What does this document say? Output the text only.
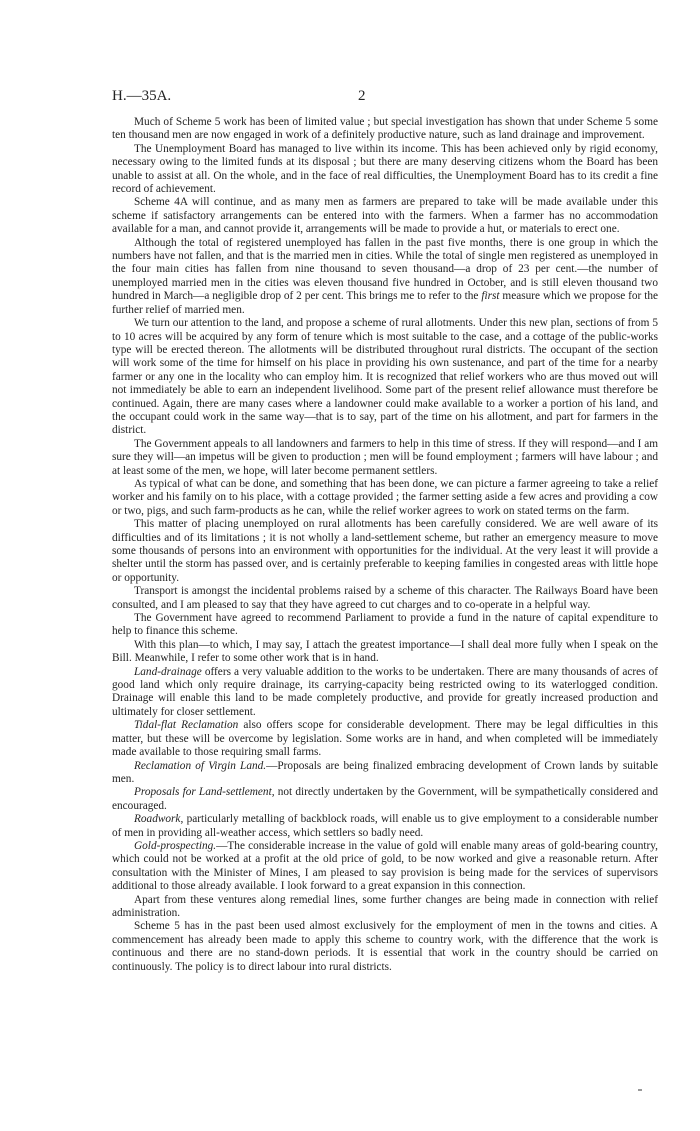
H.—35A.	2

Much of Scheme 5 work has been of limited value ; but special investigation has shown that under Scheme 5 some ten thousand men are now engaged in work of a definitely productive nature, such as land drainage and improvement.

The Unemployment Board has managed to live within its income. This has been achieved only by rigid economy, necessary owing to the limited funds at its disposal ; but there are many deserving citizens whom the Board has been unable to assist at all. On the whole, and in the face of real difficulties, the Unemployment Board has to its credit a fine record of achievement.

Scheme 4A will continue, and as many men as farmers are prepared to take will be made available under this scheme if satisfactory arrangements can be entered into with the farmers. When a farmer has no accommodation available for a man, and cannot provide it, arrangements will be made to provide a hut, or materials to erect one.

Although the total of registered unemployed has fallen in the past five months, there is one group in which the numbers have not fallen, and that is the married men in cities. While the total of single men registered as unemployed in the four main cities has fallen from nine thousand to seven thousand—a drop of 23 per cent.—the number of unemployed married men in the cities was eleven thousand five hundred in October, and is still eleven thousand two hundred in March—a negligible drop of 2 per cent. This brings me to refer to the first measure which we propose for the further relief of married men.

We turn our attention to the land, and propose a scheme of rural allotments. Under this new plan, sections of from 5 to 10 acres will be acquired by any form of tenure which is most suitable to the case, and a cottage of the public-works type will be erected thereon. The allotments will be distributed throughout rural districts. The occupant of the section will work some of the time for himself on his place in providing his own sustenance, and part of the time for a nearby farmer or any one in the locality who can employ him. It is recognized that relief workers who are thus moved out will not immediately be able to earn an independent livelihood. Some part of the present relief allowance must therefore be continued. Again, there are many cases where a landowner could make available to a worker a portion of his land, and the occupant could work in the same way—that is to say, part of the time on his allotment, and part for farmers in the district.

The Government appeals to all landowners and farmers to help in this time of stress. If they will respond—and I am sure they will—an impetus will be given to production ; men will be found employment ; farmers will have labour ; and at least some of the men, we hope, will later become permanent settlers.

As typical of what can be done, and something that has been done, we can picture a farmer agreeing to take a relief worker and his family on to his place, with a cottage provided ; the farmer setting aside a few acres and providing a cow or two, pigs, and such farm-products as he can, while the relief worker agrees to work on stated terms on the farm.

This matter of placing unemployed on rural allotments has been carefully considered. We are well aware of its difficulties and of its limitations ; it is not wholly a land-settlement scheme, but rather an emergency measure to move some thousands of persons into an environment with opportunities for the individual. At the very least it will provide a shelter until the storm has passed over, and is certainly preferable to keeping families in congested areas with little hope or opportunity.

Transport is amongst the incidental problems raised by a scheme of this character. The Railways Board have been consulted, and I am pleased to say that they have agreed to cut charges and to co-operate in a helpful way.

The Government have agreed to recommend Parliament to provide a fund in the nature of capital expenditure to help to finance this scheme.

With this plan—to which, I may say, I attach the greatest importance—I shall deal more fully when I speak on the Bill. Meanwhile, I refer to some other work that is in hand.

Land-drainage offers a very valuable addition to the works to be undertaken. There are many thousands of acres of good land which only require drainage, its carrying-capacity being restricted owing to its waterlogged condition. Drainage will enable this land to be made completely productive, and provide for greatly increased production and ultimately for closer settlement.

Tidal-flat Reclamation also offers scope for considerable development. There may be legal difficulties in this matter, but these will be overcome by legislation. Some works are in hand, and when completed will be immediately made available to those requiring small farms.

Reclamation of Virgin Land.—Proposals are being finalized embracing development of Crown lands by suitable men.

Proposals for Land-settlement, not directly undertaken by the Government, will be sympathetically considered and encouraged.

Roadwork, particularly metalling of backblock roads, will enable us to give employment to a considerable number of men in providing all-weather access, which settlers so badly need.

Gold-prospecting.—The considerable increase in the value of gold will enable many areas of gold-bearing country, which could not be worked at a profit at the old price of gold, to be now worked and give a reasonable return. After consultation with the Minister of Mines, I am pleased to say provision is being made for the services of supervisors additional to those already available. I look forward to a great expansion in this connection.

Apart from these ventures along remedial lines, some further changes are being made in connection with relief administration.

Scheme 5 has in the past been used almost exclusively for the employment of men in the towns and cities. A commencement has already been made to apply this scheme to country work, with the difference that the work is continuous and there are no stand-down periods. It is essential that work in the country should be carried on continuously. The policy is to direct labour into rural districts.
